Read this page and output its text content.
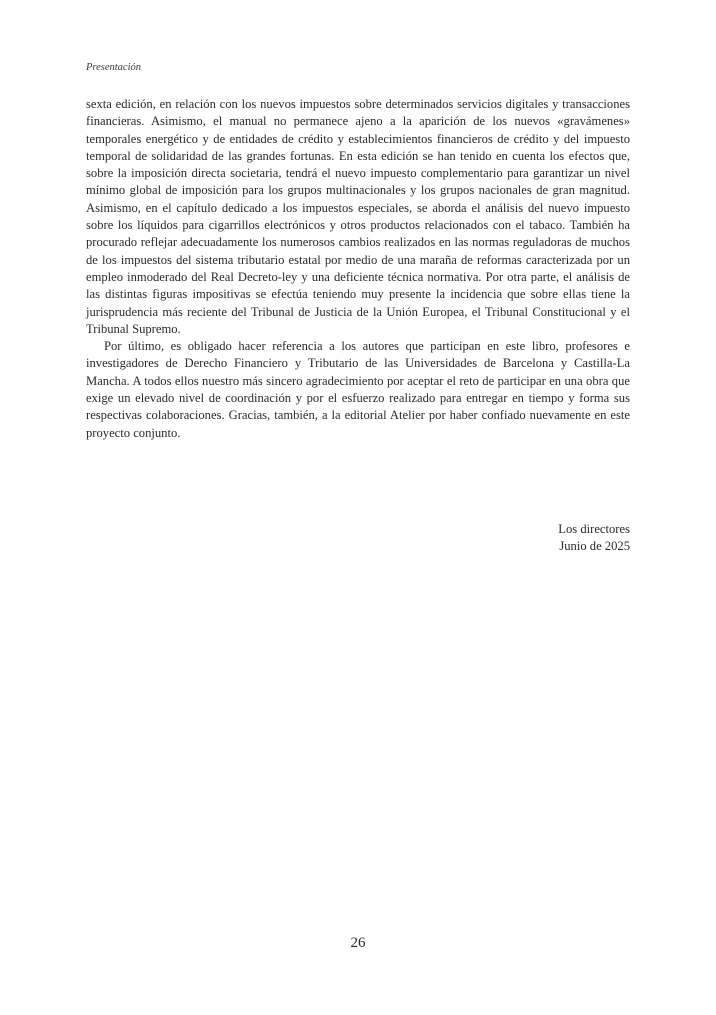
Presentación

sexta edición, en relación con los nuevos impuestos sobre determinados servicios digitales y transacciones financieras. Asimismo, el manual no permanece ajeno a la aparición de los nuevos «gravámenes» temporales energético y de entidades de crédito y establecimientos financieros de crédito y del impuesto temporal de solidaridad de las grandes fortunas. En esta edición se han tenido en cuenta los efectos que, sobre la imposición directa societaria, tendrá el nuevo impuesto complementario para garantizar un nivel mínimo global de imposición para los grupos multinacionales y los grupos nacionales de gran magnitud. Asimismo, en el capítulo dedicado a los impuestos especiales, se aborda el análisis del nuevo impuesto sobre los líquidos para cigarrillos electrónicos y otros productos relacionados con el tabaco. También ha procurado reflejar adecuadamente los numerosos cambios realizados en las normas reguladoras de muchos de los impuestos del sistema tributario estatal por medio de una maraña de reformas caracterizada por un empleo inmoderado del Real Decreto-ley y una deficiente técnica normativa. Por otra parte, el análisis de las distintas figuras impositivas se efectúa teniendo muy presente la incidencia que sobre ellas tiene la jurisprudencia más reciente del Tribunal de Justicia de la Unión Europea, el Tribunal Constitucional y el Tribunal Supremo.

Por último, es obligado hacer referencia a los autores que participan en este libro, profesores e investigadores de Derecho Financiero y Tributario de las Universidades de Barcelona y Castilla-La Mancha. A todos ellos nuestro más sincero agradecimiento por aceptar el reto de participar en una obra que exige un elevado nivel de coordinación y por el esfuerzo realizado para entregar en tiempo y forma sus respectivas colaboraciones. Gracias, también, a la editorial Atelier por haber confiado nuevamente en este proyecto conjunto.

Los directores
Junio de 2025
26
